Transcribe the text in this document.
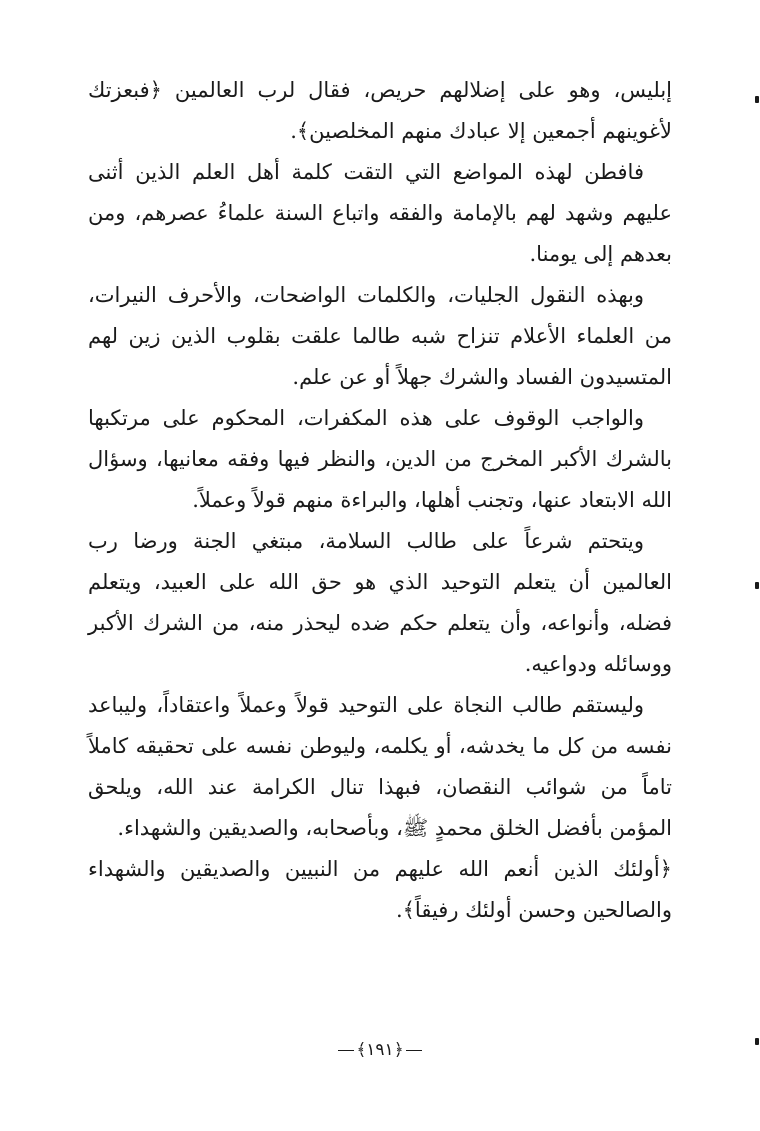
إبليس، وهو على إضلالهم حريص، فقال لرب العالمين ﴿فبعزتك لأغوينهم أجمعين إلا عبادك منهم المخلصين﴾.

فافطن لهذه المواضع التي التقت كلمة أهل العلم الذين أثنى عليهم وشهد لهم بالإمامة والفقه واتباع السنة علماءُ عصرهم، ومن بعدهم إلى يومنا.

وبهذه النقول الجليات، والكلمات الواضحات، والأحرف النيرات، من العلماء الأعلام تنزاح شبه طالما علقت بقلوب الذين زين لهم المتسيدون الفساد والشرك جهلاً أو عن علم.

والواجب الوقوف على هذه المكفرات، المحكوم على مرتكبها بالشرك الأكبر المخرج من الدين، والنظر فيها وفقه معانيها، وسؤال الله الابتعاد عنها، وتجنب أهلها، والبراءة منهم قولاً وعملاً.

ويتحتم شرعاً على طالب السلامة، مبتغي الجنة ورضا رب العالمين أن يتعلم التوحيد الذي هو حق الله على العبيد، ويتعلم فضله، وأنواعه، وأن يتعلم حكم ضده ليحذر منه، من الشرك الأكبر ووسائله ودواعيه.

وليستقم طالب النجاة على التوحيد قولاً وعملاً واعتقاداً، وليباعد نفسه من كل ما يخدشه، أو يكلمه، وليوطن نفسه على تحقيقه كاملاً تاماً من شوائب النقصان، فبهذا تنال الكرامة عند الله، ويلحق المؤمن بأفضل الخلق محمدٍ ﷺ، وبأصحابه، والصديقين والشهداء.

﴿أولئك الذين أنعم الله عليهم من النبيين والصديقين والشهداء والصالحين وحسن أولئك رفيقاً﴾.

﴿١٩١﴾
